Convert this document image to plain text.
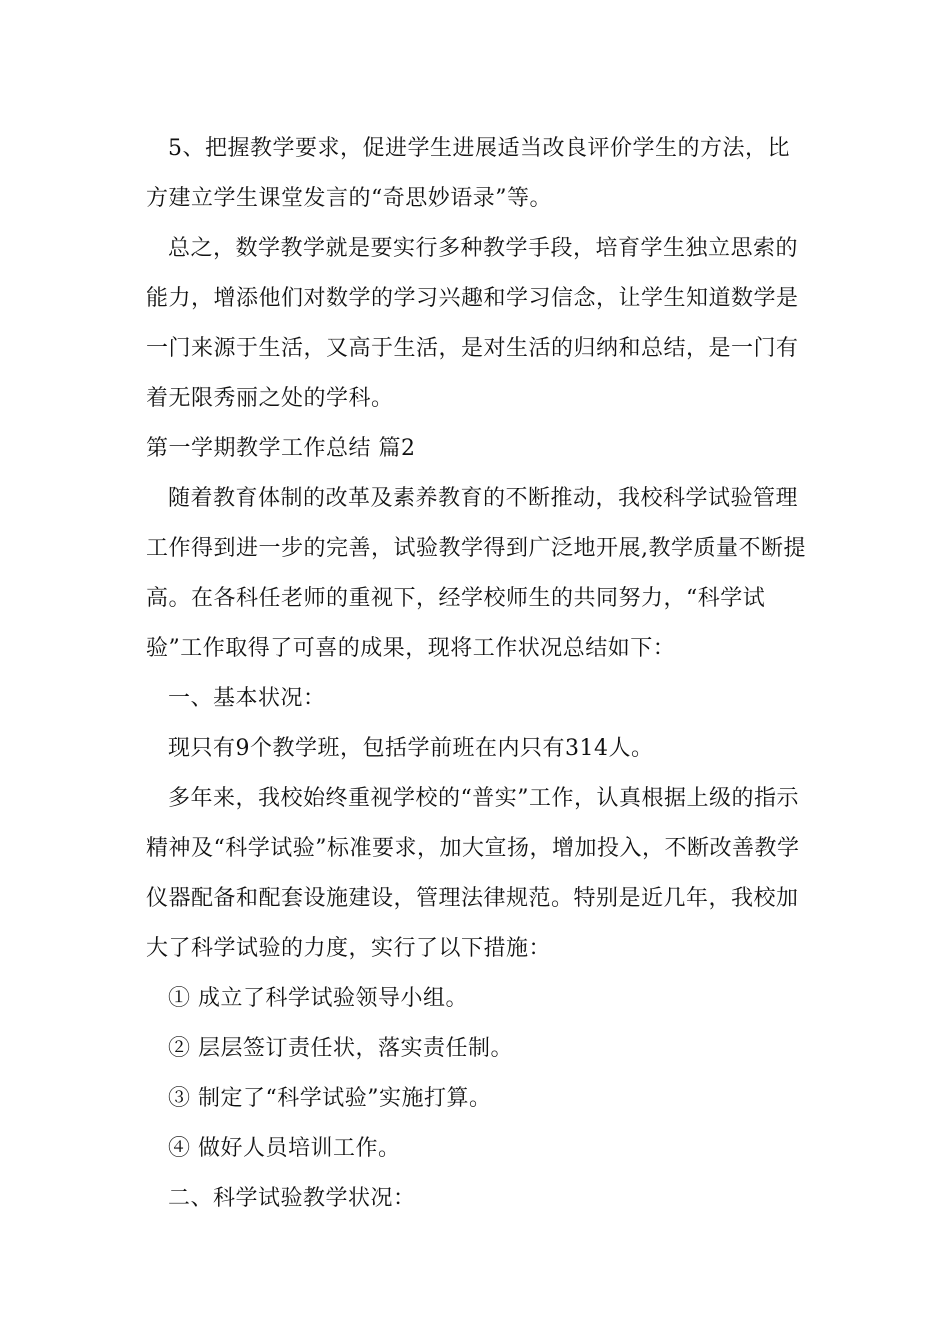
5、把握教学要求，促进学生进展适当改良评价学生的方法，比方建立学生课堂发言的“奇思妙语录”等。

总之，数学教学就是要实行多种教学手段，培育学生独立思索的能力，增添他们对数学的学习兴趣和学习信念，让学生知道数学是一门来源于生活，又高于生活，是对生活的归纳和总结，是一门有着无限秀丽之处的学科。

第一学期教学工作总结 篇2

随着教育体制的改革及素养教育的不断推动，我校科学试验管理工作得到进一步的完善，试验教学得到广泛地开展,教学质量不断提高。在各科任老师的重视下，经学校师生的共同努力，“科学试验”工作取得了可喜的成果，现将工作状况总结如下：

一、基本状况：

现只有9个教学班，包括学前班在内只有314人。

多年来，我校始终重视学校的“普实”工作，认真根据上级的指示精神及“科学试验”标准要求，加大宣扬，增加投入，不断改善教学仪器配备和配套设施建设，管理法律规范。特别是近几年，我校加大了科学试验的力度，实行了以下措施：

① 成立了科学试验领导小组。

② 层层签订责任状，落实责任制。

③ 制定了“科学试验”实施打算。

④ 做好人员培训工作。

二、科学试验教学状况：
